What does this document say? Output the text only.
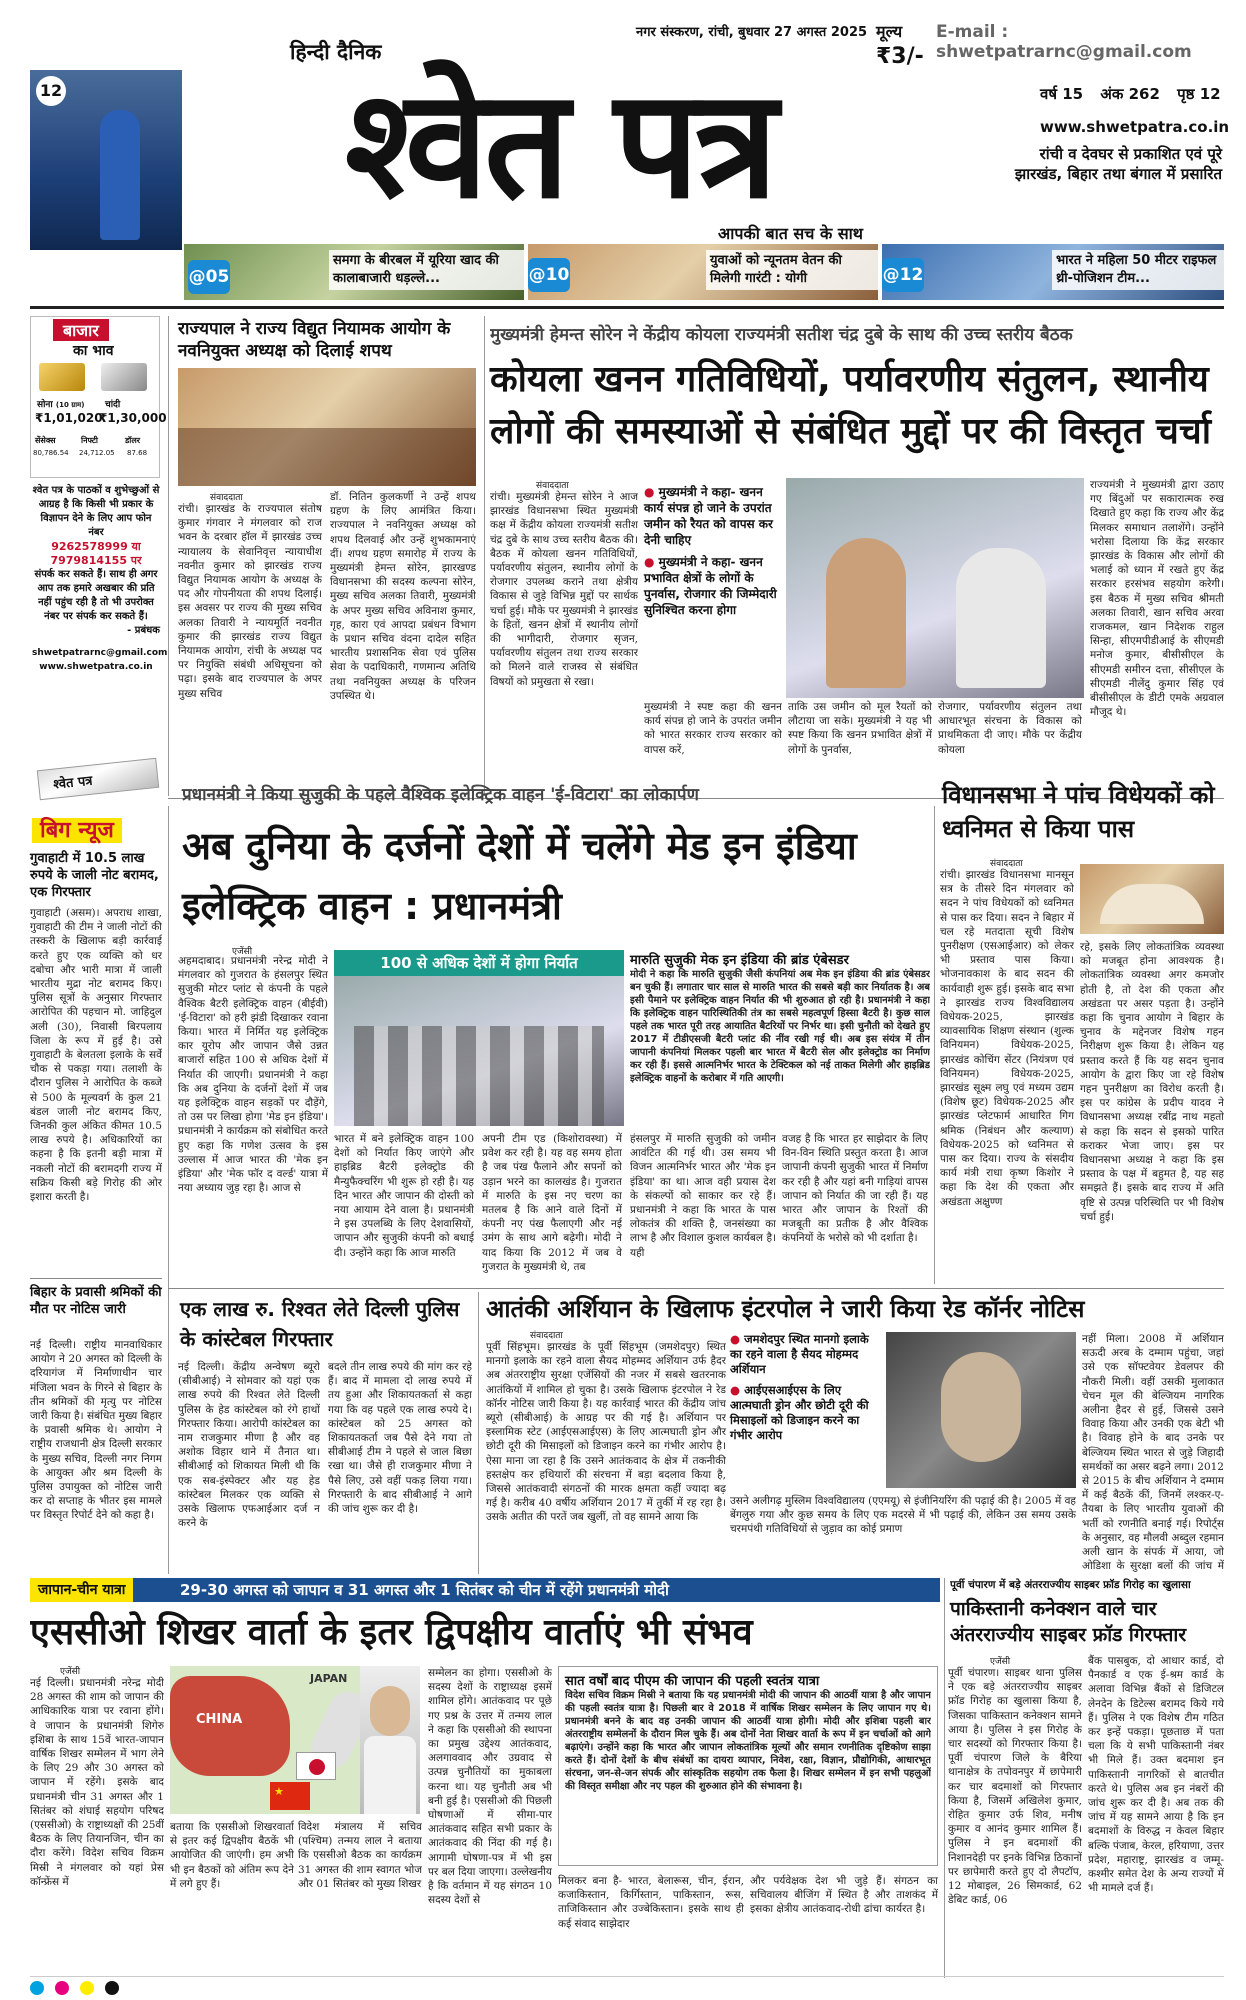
नगर संस्करण, रांची, बुधवार 27 अगस्त 2025 मूल्य
₹3/-
E-mail : shwetpatrarnc@gmail.com
हिन्दी दैनिक
12 श्वेत पत्र
आपकी बात सच के साथ
वर्ष 15 अंक 262 पृष्ठ 12
www.shwetpatra.co.in
रांची व देवघर से प्रकाशित एवं पूरे झारखंड, बिहार तथा बंगाल में प्रसारित
@05
समगा के बीरबल में यूरिया खाद की कालाबाजारी धड़ल्ले...	@10
युवाओं को न्यूनतम वेतन की मिलेगी गारंटी : योगी	@12
भारत ने महिला 50 मीटर राइफल थ्री-पोजिशन टीम...
बाजार
का भाव
सोना (10 ग्राम) चांदी
₹1,01,020
₹1,30,000
सेंसेक्स	निफ्टी	डॉलर
80,786.54 24,712.05 87.68
श्वेत पत्र के पाठकों व शुभेच्छुओं से आग्रह है कि किसी भी प्रकार के विज्ञापन देने के लिए आप फोन नंबर
9262578999 या
7979814155 पर
संपर्क कर सकते हैं। साथ ही अगर आप तक हमारे अखबार की प्रति नहीं पहुंच रही है तो भी उपरोक्त नंबर पर संपर्क कर सकते हैं।
- प्रबंधक
shwetpatrarnc@gmail.com
www.shwetpatra.co.in
श्वेत पत्र
राज्यपाल ने राज्य विद्युत नियामक आयोग के नवनियुक्त अध्यक्ष को दिलाई शपथ
संवाददाता
रांची। झारखंड के राज्यपाल संतोष कुमार गंगवार ने मंगलवार को राज भवन के दरबार हॉल में झारखंड उच्च न्यायालय के सेवानिवृत्त न्यायाधीश नवनीत कुमार को झारखंड राज्य विद्युत नियामक आयोग के अध्यक्ष के पद और गोपनीयता की शपथ दिलाई। इस अवसर पर राज्य की मुख्य सचिव अलका तिवारी ने न्यायमूर्ति नवनीत कुमार की झारखंड राज्य विद्युत नियामक आयोग, रांची के अध्यक्ष पद पर नियुक्ति संबंधी अधिसूचना को पढ़ा। इसके बाद राज्यपाल के अपर मुख्य सचिव
डॉ. नितिन कुलकर्णी ने उन्हें शपथ ग्रहण के लिए आमंत्रित किया। राज्यपाल ने नवनियुक्त अध्यक्ष को शपथ दिलवाई और उन्हें शुभकामनाएं दीं। शपथ ग्रहण समारोह में राज्य के मुख्यमंत्री हेमन्त सोरेन, झारखण्ड विधानसभा की सदस्य कल्पना सोरेन, मुख्य सचिव अलका तिवारी, मुख्यमंत्री के अपर मुख्य सचिव अविनाश कुमार, गृह, कारा एवं आपदा प्रबंधन विभाग के प्रधान सचिव वंदना दादेल सहित भारतीय प्रशासनिक सेवा एवं पुलिस सेवा के पदाधिकारी, गणमान्य अतिथि तथा नवनियुक्त अध्यक्ष के परिजन उपस्थित थे।
मुख्यमंत्री हेमन्त सोरेन ने केंद्रीय कोयला राज्यमंत्री सतीश चंद्र दुबे के साथ की उच्च स्तरीय बैठक
कोयला खनन गतिविधियों, पर्यावरणीय संतुलन, स्थानीय लोगों की समस्याओं से संबंधित मुद्दों पर की विस्तृत चर्चा
संवाददाता
रांची। मुख्यमंत्री हेमन्त सोरेन ने आज झारखंड विधानसभा स्थित मुख्यमंत्री कक्ष में केंद्रीय कोयला राज्यमंत्री सतीश चंद्र दुबे के साथ उच्च स्तरीय बैठक की। बैठक में कोयला खनन गतिविधियों, पर्यावरणीय संतुलन, स्थानीय लोगों के रोजगार उपलब्ध कराने तथा क्षेत्रीय विकास से जुड़े विभिन्न मुद्दों पर सार्थक चर्चा हुई। मौके पर मुख्यमंत्री ने झारखंड के हितों, खनन क्षेत्रों में स्थानीय लोगों की भागीदारी, रोजगार सृजन, पर्यावरणीय संतुलन तथा राज्य सरकार को मिलने वाले राजस्व से संबंधित विषयों को प्रमुखता से रखा।
● मुख्यमंत्री ने कहा- खनन कार्य संपन्न हो जाने के उपरांत जमीन को रैयत को वापस कर देनी चाहिए
● मुख्यमंत्री ने कहा- खनन प्रभावित क्षेत्रों के लोगों के पुनर्वास, रोजगार की जिम्मेदारी सुनिश्चित करना होगा
मुख्यमंत्री ने स्पष्ट कहा की खनन कार्य संपन्न हो जाने के उपरांत जमीन को भारत सरकार राज्य सरकार को वापस करें,
ताकि उस जमीन को मूल रैयतों को लौटाया जा सके। मुख्यमंत्री ने यह भी स्पष्ट किया कि खनन प्रभावित क्षेत्रों में लोगों के पुनर्वास,
रोजगार, पर्यावरणीय संतुलन तथा आधारभूत संरचना के विकास को प्राथमिकता दी जाए। मौके पर केंद्रीय कोयला
राज्यमंत्री ने मुख्यमंत्री द्वारा उठाए गए बिंदुओं पर सकारात्मक रुख दिखाते हुए कहा कि राज्य और केंद्र मिलकर समाधान तलाशेंगे। उन्होंने भरोसा दिलाया कि केंद्र सरकार झारखंड के विकास और लोगों की भलाई को ध्यान में रखते हुए केंद्र सरकार हरसंभव सहयोग करेगी। इस बैठक में मुख्य सचिव श्रीमती अलका तिवारी, खान सचिव अरवा राजकमल, खान निदेशक राहुल सिन्हा, सीएमपीडीआई के सीएमडी मनोज कुमार, बीसीसीएल के सीएमडी समीरन दत्ता, सीसीएल के सीएमडी नीलेंदु कुमार सिंह एवं बीसीसीएल के डीटी एमके अग्रवाल मौजूद थे।
बिग न्यूज
गुवाहाटी में 10.5 लाख रुपये के जाली नोट बरामद, एक गिरफ्तार
गुवाहाटी (असम)। अपराध शाखा, गुवाहाटी की टीम ने जाली नोटों की तस्करी के खिलाफ बड़ी कार्रवाई करते हुए एक व्यक्ति को धर दबोचा और भारी मात्रा में जाली भारतीय मुद्रा नोट बरामद किए। पुलिस सूत्रों के अनुसार गिरफ्तार आरोपित की पहचान मो. जाहिदुल अली (30), निवासी बिरपलाय जिला के रूप में हुई है। उसे गुवाहाटी के बेलतला इलाके के सर्वे चौक से पकड़ा गया। तलाशी के दौरान पुलिस ने आरोपित के कब्जे से 500 के मूल्यवर्ग के कुल 21 बंडल जाली नोट बरामद किए, जिनकी कुल अंकित कीमत 10.5 लाख रुपये है। अधिकारियों का कहना है कि इतनी बड़ी मात्रा में नकली नोटों की बरामदगी राज्य में सक्रिय किसी बड़े गिरोह की ओर इशारा करती है।
बिहार के प्रवासी श्रमिकों की मौत पर नोटिस जारी
नई दिल्ली। राष्ट्रीय मानवाधिकार आयोग ने 20 अगस्त को दिल्ली के दरियागंज में निर्माणाधीन चार मंजिला भवन के गिरने से बिहार के तीन श्रमिकों की मृत्यु पर नोटिस जारी किया है। संबंधित मुख्य बिहार के प्रवासी श्रमिक थे। आयोग ने राष्ट्रीय राजधानी क्षेत्र दिल्ली सरकार के मुख्य सचिव, दिल्ली नगर निगम के आयुक्त और श्रम दिल्ली के पुलिस उपायुक्त को नोटिस जारी कर दो सप्ताह के भीतर इस मामले पर विस्तृत रिपोर्ट देने को कहा है।
प्रधानमंत्री ने किया सुजुकी के पहले वैश्विक इलेक्ट्रिक वाहन 'ई-विटारा' का लोकार्पण
अब दुनिया के दर्जनों देशों में चलेंगे मेड इन इंडिया इलेक्ट्रिक वाहन : प्रधानमंत्री
एजेंसी
अहमदाबाद। प्रधानमंत्री नरेन्द्र मोदी ने मंगलवार को गुजरात के हंसलपुर स्थित सुजुकी मोटर प्लांट से कंपनी के पहले वैश्विक बैटरी इलेक्ट्रिक वाहन (बीईवी) 'ई-विटारा' को हरी झंडी दिखाकर रवाना किया। भारत में निर्मित यह इलेक्ट्रिक कार यूरोप और जापान जैसे उन्नत बाजारों सहित 100 से अधिक देशों में निर्यात की जाएगी। प्रधानमंत्री ने कहा कि अब दुनिया के दर्जनों देशों में जब यह इलेक्ट्रिक वाहन सड़कों पर दौड़ेंगे, तो उस पर लिखा होगा 'मेड इन इंडिया'। प्रधानमंत्री ने कार्यक्रम को संबोधित करते हुए कहा कि गणेश उत्सव के इस उल्लास में आज भारत की 'मेक इन इंडिया' और 'मेक फॉर द वर्ल्ड' यात्रा में नया अध्याय जुड़ रहा है। आज से
100 से अधिक देशों में होगा निर्यात	मारुति सुजुकी मेक इन इंडिया की ब्रांड एंबेसडर
मोदी ने कहा कि मारुति सुजुकी जैसी कंपनियां अब मेक इन इंडिया की ब्रांड एंबेसडर बन चुकी हैं। लगातार चार साल से मारुति भारत की सबसे बड़ी कार निर्यातक है। अब इसी पैमाने पर इलेक्ट्रिक वाहन निर्यात की भी शुरुआत हो रही है। प्रधानमंत्री ने कहा कि इलेक्ट्रिक वाहन पारिस्थितिकी तंत्र का सबसे महत्वपूर्ण हिस्सा बैटरी है। कुछ साल पहले तक भारत पूरी तरह आयातित बैटरियों पर निर्भर था। इसी चुनौती को देखते हुए 2017 में टीडीएसजी बैटरी प्लांट की नींव रखी गई थी। अब इस संयंत्र में तीन जापानी कंपनियां मिलकर पहली बार भारत में बैटरी सेल और इलेक्ट्रोड का निर्माण कर रही हैं। इससे आत्मनिर्भर भारत के टेक्टिकल को नई ताकत मिलेगी और हाइब्रिड इलेक्ट्रिक वाहनों के करोबार में गति आएगी।
भारत में बने इलेक्ट्रिक वाहन 100 देशों को निर्यात किए जाएंगे और हाइब्रिड बैटरी इलेक्ट्रोड की मैन्युफैक्चरिंग भी शुरू हो रही है। यह दिन भारत और जापान की दोस्ती को नया आयाम देने वाला है। प्रधानमंत्री ने इस उपलब्धि के लिए देशवासियों, जापान और सुजुकी कंपनी को बधाई दी। उन्होंने कहा कि आज मारुति
अपनी टीम एड (किशोरावस्था) में प्रवेश कर रही है। यह वह समय होता है जब पंख फैलाने और सपनों को उड़ान भरने का कालखंड है। गुजरात में मारुति के इस नए चरण का मतलब है कि आने वाले दिनों में कंपनी नए पंख फैलाएगी और नई उमंग के साथ आगे बढ़ेगी। मोदी ने याद किया कि 2012 में जब वे गुजरात के मुख्यमंत्री थे, तब
हंसलपुर में मारुति सुजुकी को जमीन आवंटित की गई थी। उस समय भी विजन आत्मनिर्भर भारत और 'मेक इन इंडिया' का था। आज वही प्रयास देश के संकल्पों को साकार कर रहे हैं। प्रधानमंत्री ने कहा कि भारत के पास लोकतंत्र की शक्ति है, जनसंख्या का लाभ है और विशाल कुशल कार्यबल है। यही
वजह है कि भारत हर साझेदार के लिए विन-विन स्थिति प्रस्तुत करता है। आज जापानी कंपनी सुजुकी भारत में निर्माण कर रही है और यहां बनी गाड़ियां वापस जापान को निर्यात की जा रही हैं। यह भारत और जापान के रिश्तों की मजबूती का प्रतीक है और वैश्विक कंपनियों के भरोसे को भी दर्शाता है।
विधानसभा ने पांच विधेयकों को ध्वनिमत से किया पास
संवाददाता
रांची। झारखंड विधानसभा मानसून सत्र के तीसरे दिन मंगलवार को सदन ने पांच विधेयकों को ध्वनिमत से पास कर दिया। सदन ने बिहार में चल रहे मतदाता सूची विशेष पुनरीक्षण (एसआईआर) को लेकर भी प्रस्ताव पास किया। भोजनावकाश के बाद सदन की कार्यवाही शुरू हुई। इसके बाद सभा ने झारखंड राज्य विश्वविद्यालय विधेयक-2025, झारखंड व्यावसायिक शिक्षण संस्थान (शुल्क विनियमन) विधेयक-2025, झारखंड कोचिंग सेंटर (नियंत्रण एवं विनियमन) विधेयक-2025, झारखंड सूक्ष्म लघु एवं मध्यम उद्यम (विशेष छूट) विधेयक-2025 और झारखंड प्लेटफार्म आधारित गिग श्रमिक (निबंधन और कल्याण) विधेयक-2025 को ध्वनिमत से पास कर दिया। राज्य के संसदीय कार्य मंत्री राधा कृष्ण किशोर ने कहा कि देश की एकता और अखंडता अक्षुण्ण
रहे, इसके लिए लोकतांत्रिक व्यवस्था को मजबूत होना आवश्यक है। लोकतांत्रिक व्यवस्था अगर कमजोर होती है, तो देश की एकता और अखंडता पर असर पड़ता है। उन्होंने कहा कि चुनाव आयोग ने बिहार के चुनाव के मद्देनजर विशेष गहन निरीक्षण शुरू किया है। लेकिन यह प्रस्ताव करते हैं कि यह सदन चुनाव आयोग के द्वारा किए जा रहे विशेष गहन पुनरीक्षण का विरोध करती है। इस पर कांग्रेस के प्रदीप यादव ने विधानसभा अध्यक्ष रबींद्र नाथ महतो से कहा कि सदन से इसको पारित कराकर भेजा जाए। इस पर विधानसभा अध्यक्ष ने कहा कि इस प्रस्ताव के पक्ष में बहुमत है, यह सह समझते हैं। इसके बाद राज्य में अति वृष्टि से उत्पन्न परिस्थिति पर भी विशेष चर्चा हुई।
एक लाख रु. रिश्वत लेते दिल्ली पुलिस के कांस्टेबल गिरफ्तार
नई दिल्ली। केंद्रीय अन्वेषण ब्यूरो (सीबीआई) ने सोमवार को यहां एक लाख रुपये की रिश्वत लेते दिल्ली पुलिस के हेड कांस्टेबल को रंगे हाथों गिरफ्तार किया। आरोपी कांस्टेबल का नाम राजकुमार मीणा है और वह अशोक विहार थाने में तैनात था। सीबीआई को शिकायत मिली थी कि एक सब-इंस्पेक्टर और यह हेड कांस्टेबल मिलकर एक व्यक्ति से उसके खिलाफ एफआईआर दर्ज न करने के
बदले तीन लाख रुपये की मांग कर रहे हैं। बाद में मामला दो लाख रुपये में तय हुआ और शिकायतकर्ता से कहा गया कि वह पहले एक लाख रुपये दे। कांस्टेबल को 25 अगस्त को शिकायतकर्ता जब पैसे देने गया तो सीबीआई टीम ने पहले से जाल बिछा रखा था। जैसे ही राजकुमार मीणा ने पैसे लिए, उसे वहीं पकड़ लिया गया। गिरफ्तारी के बाद सीबीआई ने आगे की जांच शुरू कर दी है।
आतंकी अर्शियान के खिलाफ इंटरपोल ने जारी किया रेड कॉर्नर नोटिस
संवाददाता
पूर्वी सिंहभूम। झारखंड के पूर्वी सिंहभूम (जमशेदपुर) स्थित मानगो इलाके का रहने वाला सैयद मोहम्मद अर्शियान उर्फ हैदर अब अंतरराष्ट्रीय सुरक्षा एजेंसियों की नजर में सबसे खतरनाक आतंकियों में शामिल हो चुका है। उसके खिलाफ इंटरपोल ने रेड कॉर्नर नोटिस जारी किया है। यह कार्रवाई भारत की केंद्रीय जांच ब्यूरो (सीबीआई) के आग्रह पर की गई है। अर्शियान पर इस्लामिक स्टेट (आईएसआईएस) के लिए आत्मघाती ड्रोन और छोटी दूरी की मिसाइलों को डिजाइन करने का गंभीर आरोप है। ऐसा माना जा रहा है कि उसने आतंकवाद के क्षेत्र में तकनीकी हस्तक्षेप कर हथियारों की संरचना में बड़ा बदलाव किया है, जिससे आतंकवादी संगठनों की मारक क्षमता कहीं ज्यादा बढ़ गई है। करीब 40 वर्षीय अर्शियान 2017 में तुर्की में रह रहा है। उसके अतीत की परतें जब खुलीं, तो वह सामने आया कि
● जमशेदपुर स्थित मानगो इलाके का रहने वाला है सैयद मोहम्मद अर्शियान
● आईएसआईएस के लिए आत्मघाती ड्रोन और छोटी दूरी की मिसाइलों को डिजाइन करने का गंभीर आरोप
उसने अलीगढ़ मुस्लिम विश्वविद्यालय (एएमयू) से इंजीनियरिंग की पढ़ाई की है। 2005 में वह बेंगलुरु गया और कुछ समय के लिए एक मदरसे में भी पढ़ाई की, लेकिन उस समय उसके चरमपंथी गतिविधियों से जुड़ाव का कोई प्रमाण
नहीं मिला। 2008 में अर्शियान सऊदी अरब के दम्माम पहुंचा, जहां उसे एक सॉफ्टवेयर डेवलपर की नौकरी मिली। वहीं उसकी मुलाकात चेचन मूल की बेल्जियम नागरिक अलीना हैदर से हुई, जिससे उसने विवाह किया और उनकी एक बेटी भी है। विवाह होने के बाद उनके पर बेल्जियम स्थित भारत से जुड़े जिहादी समर्थकों का असर बढ़ने लगा। 2012 से 2015 के बीच अर्शियान ने दम्माम में कई बैठकें कीं, जिनमें लश्कर-ए-तैयबा के लिए भारतीय युवाओं की भर्ती को रणनीति बनाई गई। रिपोर्ट्स के अनुसार, वह मौलवी अब्दुल रहमान अली खान के संपर्क में आया, जो ओडिशा के सुरक्षा बलों की जांच में
जापान-चीन यात्रा	29-30 अगस्त को जापान व 31 अगस्त और 1 सितंबर को चीन में रहेंगे प्रधानमंत्री मोदी
एससीओ शिखर वार्ता के इतर द्विपक्षीय वार्ताएं भी संभव
पूर्वी चंपारण में बड़े अंतरराज्यीय साइबर फ्रॉड गिरोह का खुलासा
पाकिस्तानी कनेक्शन वाले चार अंतरराज्यीय साइबर फ्रॉड गिरफ्तार
एजेंसी
पूर्वी चंपारण। साइबर थाना पुलिस ने एक बड़े अंतरराज्यीय साइबर फ्रॉड गिरोह का खुलासा किया है, जिसका पाकिस्तान कनेक्शन सामने आया है। पुलिस ने इस गिरोह के चार सदस्यों को गिरफ्तार किया है। पूर्वी चंपारण जिले के बैरिया थानाक्षेत्र के तपोवनपुर में छापेमारी कर चार बदमाशों को गिरफ्तार किया है, जिसमें अखिलेश कुमार, रोहित कुमार उर्फ शिव, मनीष कुमार व आनंद कुमार शामिल हैं। पुलिस ने इन बदमाशों की निशानदेही पर इनके विभिन्न ठिकानों पर छापेमारी करते हुए दो लैपटॉप, 12 मोबाइल, 26 सिमकार्ड, 62 डेबिट कार्ड, 06
बैंक पासबुक, दो आधार कार्ड, दो पैनकार्ड व एक ई-श्रम कार्ड के अलावा विभिन्न बैंकों से डिजिटल लेनदेन के डिटेल्स बरामद किये गये हैं। पुलिस ने एक विशेष टीम गठित कर इन्हें पकड़ा। पूछताछ में पता चला कि ये सभी पाकिस्तानी नंबर भी मिले हैं। उक्त बदमाश इन पाकिस्तानी नागरिकों से बातचीत करते थे। पुलिस अब इन नंबरों की जांच शुरू कर दी है। अब तक की जांच में यह सामने आया है कि इन बदमाशों के विरुद्ध न केवल बिहार बल्कि पंजाब, केरल, हरियाणा, उत्तर प्रदेश, महाराष्ट्र, झारखंड व जम्मू-कश्मीर समेत देश के अन्य राज्यों में भी मामले दर्ज हैं।
एजेंसी
नई दिल्ली। प्रधानमंत्री नरेन्द्र मोदी 28 अगस्त की शाम को जापान की आधिकारिक यात्रा पर रवाना होंगे। वे जापान के प्रधानमंत्री शिगेरु इशिबा के साथ 15वें भारत-जापान वार्षिक शिखर सम्मेलन में भाग लेने के लिए 29 और 30 अगस्त को जापान में रहेंगे। इसके बाद प्रधानमंत्री चीन 31 अगस्त और 1 सितंबर को शंघाई सहयोग परिषद (एससीओ) के राष्ट्राध्यक्षों की 25वीं बैठक के लिए तियानजिन, चीन का दौरा करेंगे। विदेश सचिव विक्रम मिस्री ने मंगलवार को यहां प्रेस कॉन्फ्रेंस में
CHINA
JAPAN
★
बताया कि एससीओ शिखरवार्ता से इतर कई द्विपक्षीय बैठकें भी आयोजित की जाएंगी। हम अभी भी इन बैठकों को अंतिम रूप देने में लगे हुए हैं।
विदेश मंत्रालय में सचिव (पश्चिम) तन्मय लाल ने बताया कि एससीओ बैठक का कार्यक्रम 31 अगस्त की शाम स्वागत भोज और 01 सितंबर को मुख्य शिखर
सम्मेलन का होगा। एससीओ के सदस्य देशों के राष्ट्राध्यक्ष इसमें शामिल होंगे। आतंकवाद पर पूछे गए प्रश्न के उत्तर में तन्मय लाल ने कहा कि एससीओ की स्थापना का प्रमुख उद्देश्य आतंकवाद, अलगाववाद और उग्रवाद से उत्पन्न चुनौतियों का मुकाबला करना था। यह चुनौती अब भी बनी हुई है। एससीओ की पिछली घोषणाओं में सीमा-पार आतंकवाद सहित सभी प्रकार के आतंकवाद की निंदा की गई है। आगामी घोषणा-पत्र में भी इस पर बल दिया जाएगा। उल्लेखनीय है कि वर्तमान में यह संगठन 10 सदस्य देशों से
सात वर्षों बाद पीएम की जापान की पहली स्वतंत्र यात्रा
विदेश सचिव विक्रम मिस्री ने बताया कि यह प्रधानमंत्री मोदी की जापान की आठवीं यात्रा है और जापान की पहली स्वतंत्र यात्रा है। पिछली बार वे 2018 में वार्षिक शिखर सम्मेलन के लिए जापान गए थे। प्रधानमंत्री बनने के बाद वह उनकी जापान की आठवीं यात्रा होगी। मोदी और इशिबा पहली बार अंतरराष्ट्रीय सम्मेलनों के दौरान मिल चुके हैं। अब दोनों नेता शिखर वार्ता के रूप में इन चर्चाओं को आगे बढ़ाएंगे। उन्होंने कहा कि भारत और जापान लोकतांत्रिक मूल्यों और समान रणनीतिक दृष्टिकोण साझा करते हैं। दोनों देशों के बीच संबंधों का दायरा व्यापार, निवेश, रक्षा, विज्ञान, प्रौद्योगिकी, आधारभूत संरचना, जन-से-जन संपर्क और सांस्कृतिक सहयोग तक फैला है। शिखर सम्मेलन में इन सभी पहलुओं की विस्तृत समीक्षा और नए पहल की शुरुआत होने की संभावना है।
मिलकर बना है- भारत, बेलारूस, चीन, ईरान, कजाकिस्तान, किर्गिस्तान, पाकिस्तान, रूस, ताजिकिस्तान और उज्बेकिस्तान। इसके साथ ही कई संवाद साझेदार
और पर्यवेक्षक देश भी जुड़े हैं। संगठन का सचिवालय बीजिंग में स्थित है और ताशकंद में इसका क्षेत्रीय आतंकवाद-रोधी ढांचा कार्यरत है।
